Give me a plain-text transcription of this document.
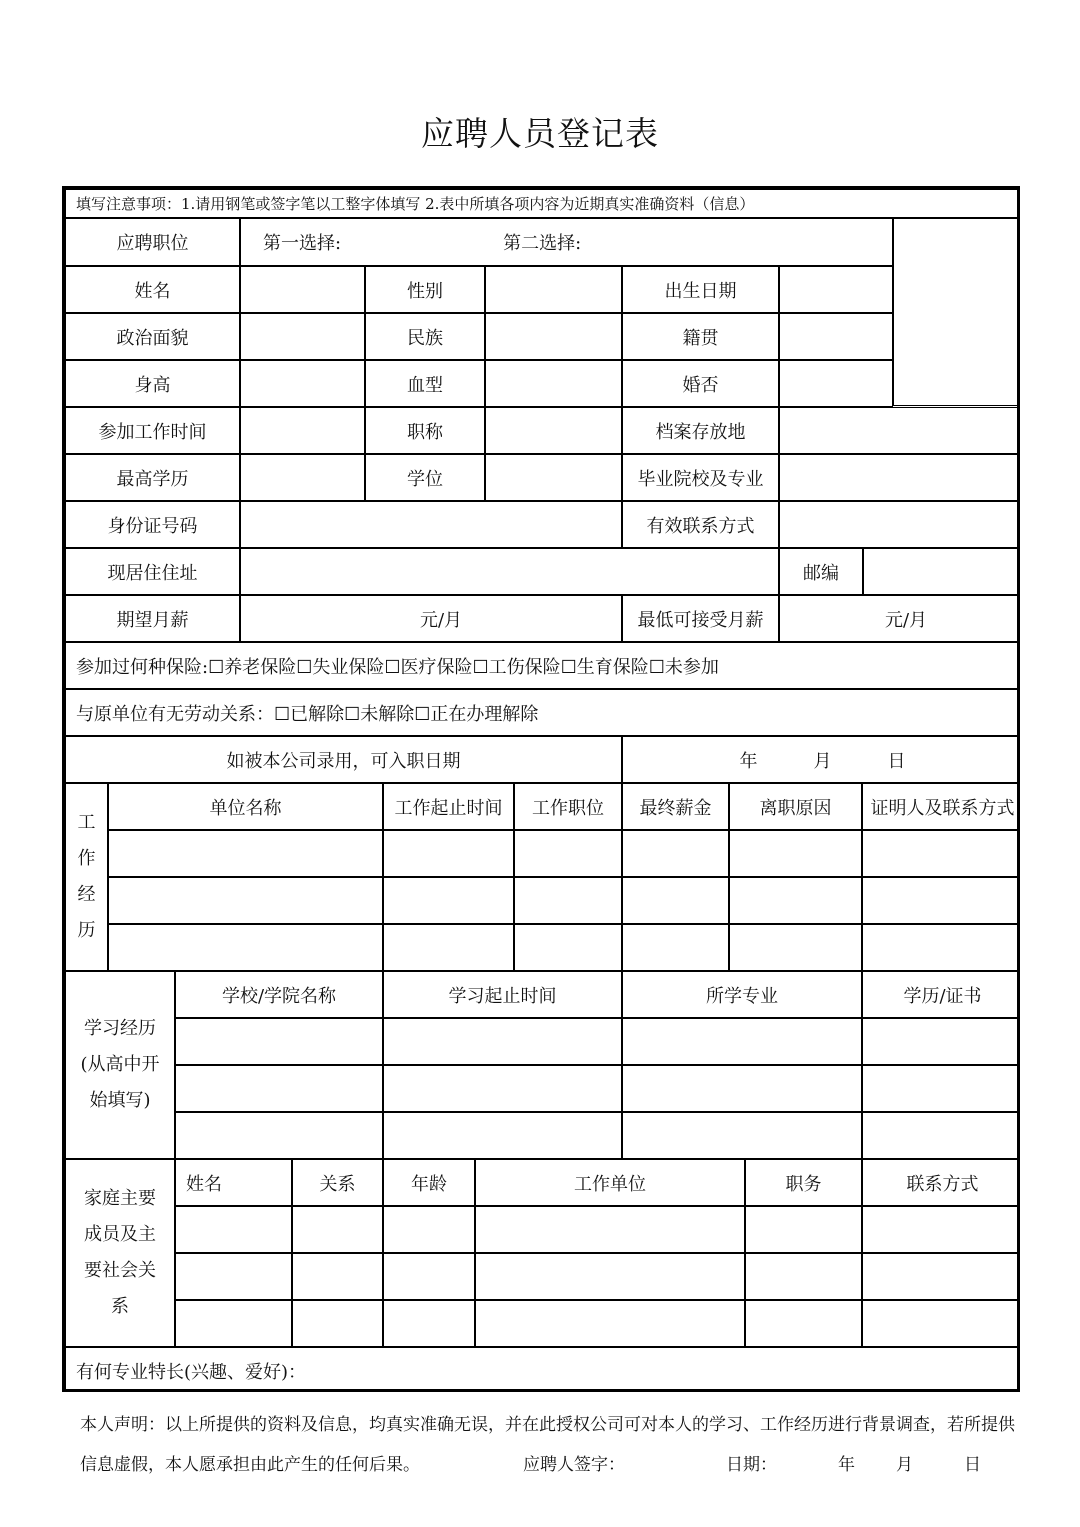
应聘人员登记表
填写注意事项：1.请用钢笔或签字笔以工整字体填写 2.表中所填各项内容为近期真实准确资料（信息）
应聘职位	第一选择:	第二选择:
姓名	性别	出生日期
政治面貌	民族	籍贯
身高	血型	婚否
参加工作时间	职称	档案存放地
最高学历	学位	毕业院校及专业
身份证号码	有效联系方式
现居住住址	邮编
期望月薪	元/月	最低可接受月薪	元/月
参加过何种保险:☐养老保险☐失业保险☐医疗保险☐工伤保险☐生育保险☐未参加
与原单位有无劳动关系：☐已解除☐未解除☐正在办理解除
如被本公司录用，可入职日期	年	月	日
工
作
经
历
单位名称	工作起止时间	工作职位	最终薪金	离职原因	证明人及联系方式
学习经历
(从高中开
始填写)
学校/学院名称	学习起止时间	所学专业	学历/证书
家庭主要
成员及主
要社会关
系
姓名	关系	年龄	工作单位	职务	联系方式
有何专业特长(兴趣、爱好)：
本人声明：以上所提供的资料及信息，均真实准确无误，并在此授权公司可对本人的学习、工作经历进行背景调查，若所提供
信息虚假，本人愿承担由此产生的任何后果。	应聘人签字：	日期：	年 月	日
